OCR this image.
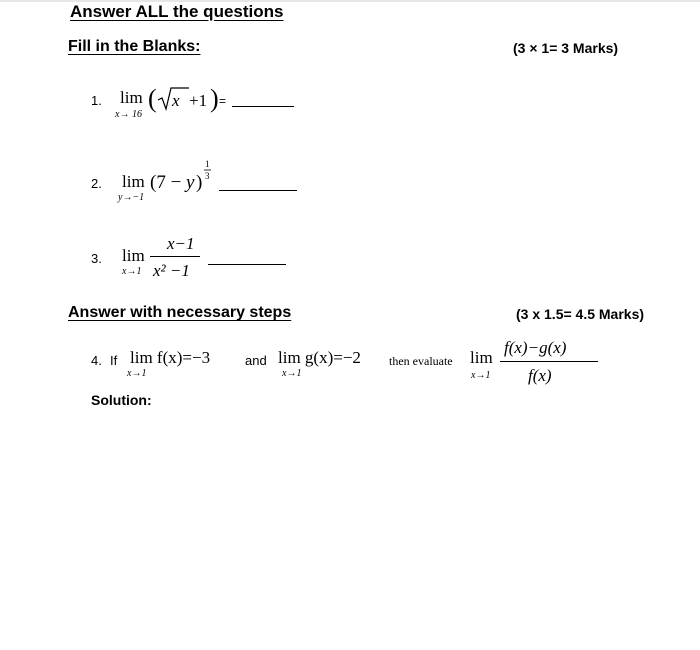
Answer ALL the questions
Fill in the Blanks:	(3 × 1= 3 Marks)
1. lim
x→ 16
( x +1 ) =
2. lim
y→−1
(7 − y )
1
3
3. lim
x→1
x−1
x² −1
Answer with necessary steps	(3 x 1.5= 4.5 Marks)
4. If lim f(x)=−3
x→1
and lim g(x)=−2
x→1
then evaluate lim
x→1
f(x)−g(x)
f(x)
Solution:
